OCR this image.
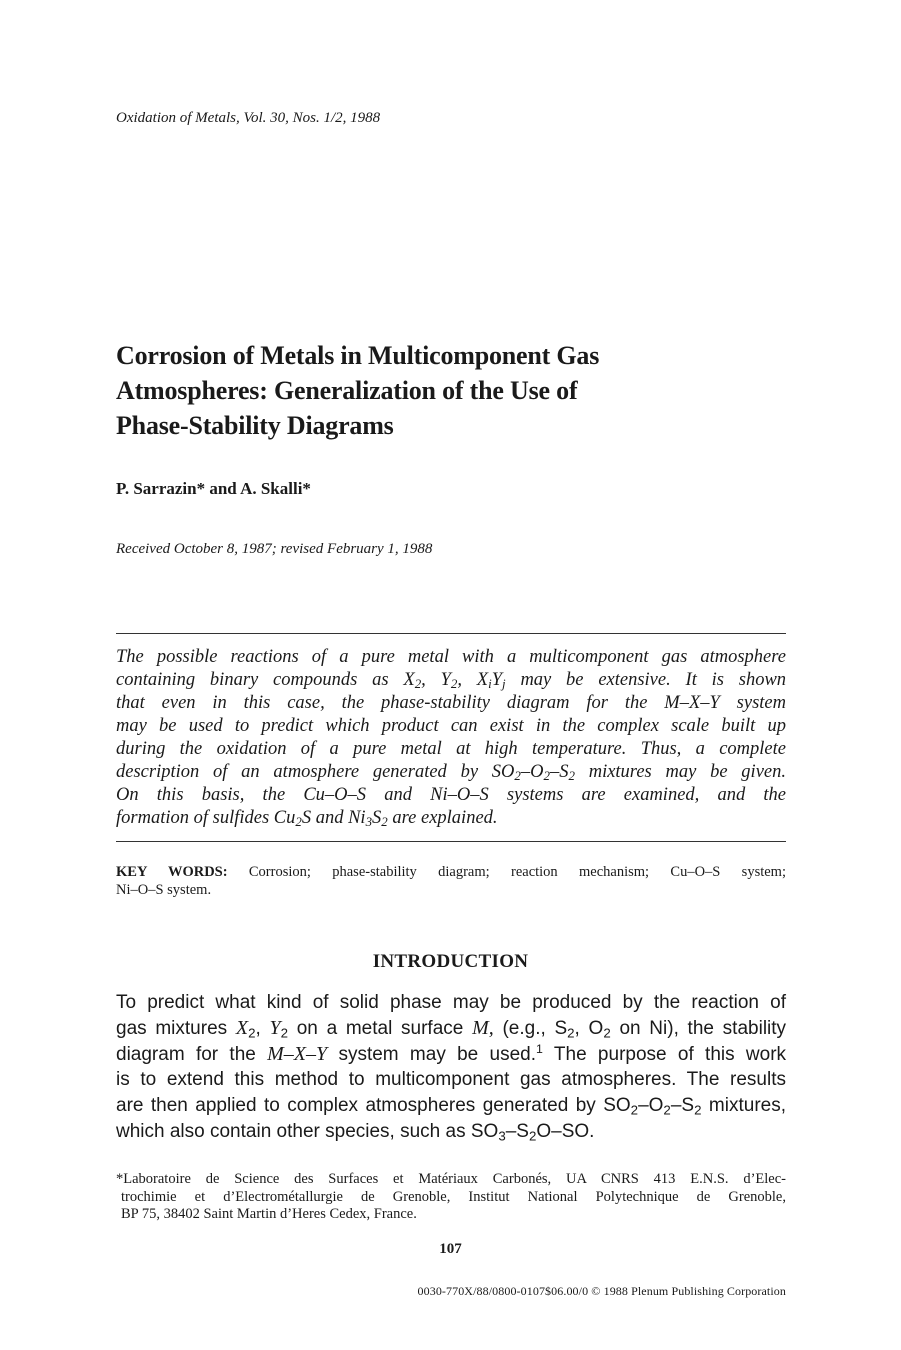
Oxidation of Metals, Vol. 30, Nos. 1/2, 1988
Corrosion of Metals in Multicomponent Gas
Atmospheres: Generalization of the Use of
Phase-Stability Diagrams
P. Sarrazin* and A. Skalli*
Received October 8, 1987; revised February 1, 1988
The possible reactions of a pure metal with a multicomponent gas atmosphere
containing binary compounds as $X_2$, $Y_2$, $X_iY_j$ may be extensive. It is shown
that even in this case, the phase-stability diagram for the M–X–Y system
may be used to predict which product can exist in the complex scale built up
during the oxidation of a pure metal at high temperature. Thus, a complete
description of an atmosphere generated by $SO_2-O_2-S_2$ mixtures may be given.
On this basis, the Cu–O–S and Ni–O–S systems are examined, and the
formation of sulfides $Cu_2S$ and $Ni_3S_2$ are explained.
KEY WORDS: Corrosion; phase-stability diagram; reaction mechanism; Cu–O–S system;
Ni–O–S system.
INTRODUCTION
To predict what kind of solid phase may be produced by the reaction of
gas mixtures $X_2$, $Y_2$ on a metal surface M, (e.g., $S_2$, $O_2$ on Ni), the stability
diagram for the M–X–Y system may be used.$^1$ The purpose of this work
is to extend this method to multicomponent gas atmospheres. The results
are then applied to complex atmospheres generated by $SO_2-O_2-S_2$ mixtures,
which also contain other species, such as $SO_3-S_2O-SO$.
*Laboratoire de Science des Surfaces et Matériaux Carbonés, UA CNRS 413 E.N.S. d’Elec-
trochimie et d’Electrométallurgie de Grenoble, Institut National Polytechnique de Grenoble,
BP 75, 38402 Saint Martin d’Heres Cedex, France.
107
0030-770X/88/0800-0107$06.00/0 © 1988 Plenum Publishing Corporation
